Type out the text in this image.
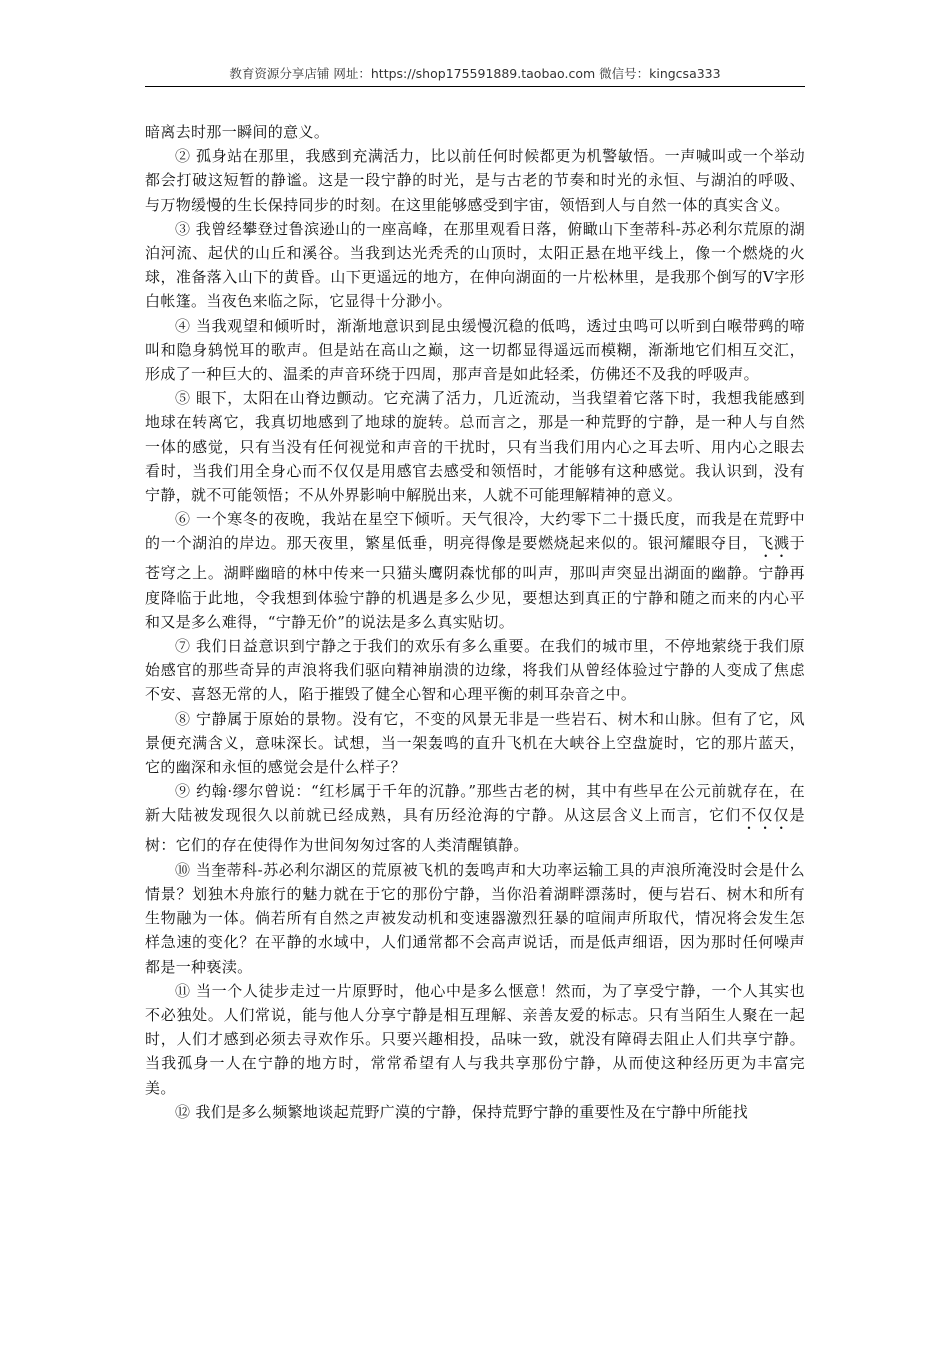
教育资源分享店铺 网址：https://shop175591889.taobao.com 微信号：kingcsa333

暗离去时那一瞬间的意义。

② 孤身站在那里，我感到充满活力，比以前任何时候都更为机警敏悟。一声喊叫或一个举动都会打破这短暂的静谧。这是一段宁静的时光，是与古老的节奏和时光的永恒、与湖泊的呼吸、与万物缓慢的生长保持同步的时刻。在这里能够感受到宇宙，领悟到人与自然一体的真实含义。

③ 我曾经攀登过鲁滨逊山的一座高峰，在那里观看日落，俯瞰山下奎蒂科-苏必利尔荒原的湖泊河流、起伏的山丘和溪谷。当我到达光秃秃的山顶时，太阳正悬在地平线上，像一个燃烧的火球，准备落入山下的黄昏。山下更遥远的地方，在伸向湖面的一片松林里，是我那个倒写的V字形白帐篷。当夜色来临之际，它显得十分渺小。

④ 当我观望和倾听时，渐渐地意识到昆虫缓慢沉稳的低鸣，透过虫鸣可以听到白喉带鹀的啼叫和隐身鸫悦耳的歌声。但是站在高山之巅，这一切都显得遥远而模糊，渐渐地它们相互交汇，形成了一种巨大的、温柔的声音环绕于四周，那声音是如此轻柔，仿佛还不及我的呼吸声。

⑤ 眼下，太阳在山脊边颤动。它充满了活力，几近流动，当我望着它落下时，我想我能感到地球在转离它，我真切地感到了地球的旋转。总而言之，那是一种荒野的宁静，是一种人与自然一体的感觉，只有当没有任何视觉和声音的干扰时，只有当我们用内心之耳去听、用内心之眼去看时，当我们用全身心而不仅仅是用感官去感受和领悟时，才能够有这种感觉。我认识到，没有宁静，就不可能领悟；不从外界影响中解脱出来，人就不可能理解精神的意义。

⑥ 一个寒冬的夜晚，我站在星空下倾听。天气很冷，大约零下二十摄氏度，而我是在荒野中的一个湖泊的岸边。那天夜里，繁星低垂，明亮得像是要燃烧起来似的。银河耀眼夺目，飞溅于苍穹之上。湖畔幽暗的林中传来一只猫头鹰阴森忧郁的叫声，那叫声突显出湖面的幽静。宁静再度降临于此地，令我想到体验宁静的机遇是多么少见，要想达到真正的宁静和随之而来的内心平和又是多么难得，“宁静无价”的说法是多么真实贴切。

⑦ 我们日益意识到宁静之于我们的欢乐有多么重要。在我们的城市里，不停地萦绕于我们原始感官的那些奇异的声浪将我们驱向精神崩溃的边缘，将我们从曾经体验过宁静的人变成了焦虑不安、喜怒无常的人，陷于摧毁了健全心智和心理平衡的刺耳杂音之中。

⑧ 宁静属于原始的景物。没有它，不变的风景无非是一些岩石、树木和山脉。但有了它，风景便充满含义，意味深长。试想，当一架轰鸣的直升飞机在大峡谷上空盘旋时，它的那片蓝天，它的幽深和永恒的感觉会是什么样子？

⑨ 约翰·缪尔曾说：“红杉属于千年的沉静。”那些古老的树，其中有些早在公元前就存在，在新大陆被发现很久以前就已经成熟，具有历经沧海的宁静。从这层含义上而言，它们不仅仅是树：它们的存在使得作为世间匆匆过客的人类清醒镇静。

⑩ 当奎蒂科-苏必利尔湖区的荒原被飞机的轰鸣声和大功率运输工具的声浪所淹没时会是什么情景？划独木舟旅行的魅力就在于它的那份宁静，当你沿着湖畔漂荡时，便与岩石、树木和所有生物融为一体。倘若所有自然之声被发动机和变速器激烈狂暴的喧闹声所取代，情况将会发生怎样急速的变化？在平静的水域中，人们通常都不会高声说话，而是低声细语，因为那时任何噪声都是一种亵渎。

⑪ 当一个人徒步走过一片原野时，他心中是多么惬意！然而，为了享受宁静，一个人其实也不必独处。人们常说，能与他人分享宁静是相互理解、亲善友爱的标志。只有当陌生人聚在一起时，人们才感到必须去寻欢作乐。只要兴趣相投，品味一致，就没有障碍去阻止人们共享宁静。当我孤身一人在宁静的地方时，常常希望有人与我共享那份宁静，从而使这种经历更为丰富完美。

⑫ 我们是多么频繁地谈起荒野广漠的宁静，保持荒野宁静的重要性及在宁静中所能找
